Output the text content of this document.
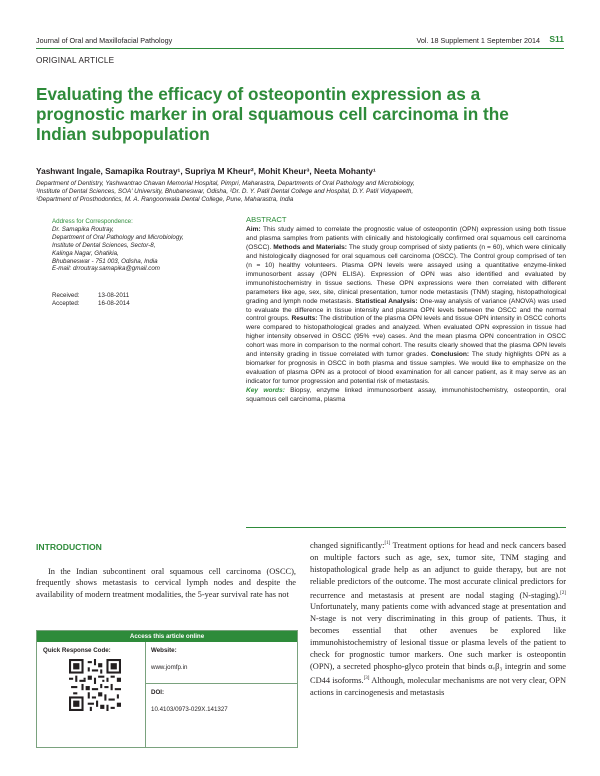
Journal of Oral and Maxillofacial Pathology	Vol. 18 Supplement 1 September 2014 S11
ORIGINAL ARTICLE
Evaluating the efficacy of osteopontin expression as a prognostic marker in oral squamous cell carcinoma in the Indian subpopulation
Yashwant Ingale, Samapika Routray¹, Supriya M Kheur², Mohit Kheur³, Neeta Mohanty¹
Department of Dentistry, Yashwantrao Chavan Memorial Hospital, Pimpri, Maharastra, Departments of Oral Pathology and Microbiology,
¹Institute of Dental Sciences, SOA' University, Bhubaneswar, Odisha, ²Dr. D. Y. Patil Dental College and Hospital, D.Y. Patil Vidyapeeth,
³Department of Prosthodontics, M. A. Rangoonwala Dental College, Pune, Maharastra, India
Address for Correspondence:
Dr. Samapika Routray,
Department of Oral Pathology and Microbiology,
Institute of Dental Sciences, Sector-8,
Kalinga Nagar, Ghatikia,
Bhubaneswar - 751 003, Odisha, India
E-mail: drroutray.samapika@gmail.com
Received:	13-08-2011
Accepted:	16-08-2014
ABSTRACT

Aim: This study aimed to correlate the prognostic value of osteopontin (OPN) expression using both tissue and plasma samples from patients with clinically and histologically confirmed oral squamous cell carcinoma (OSCC). Methods and Materials: The study group comprised of sixty patients (n = 60), which were clinically and histologically diagnosed for oral squamous cell carcinoma (OSCC). The Control group comprised of ten (n = 10) healthy volunteers. Plasma OPN levels were assayed using a quantitative enzyme-linked immunosorbent assay (OPN ELISA). Expression of OPN was also identified and evaluated by immunohistochemistry in tissue sections. These OPN expressions were then correlated with different parameters like age, sex, site, clinical presentation, tumor node metastasis (TNM) staging, histopathological grading and lymph node metastasis. Statistical Analysis: One-way analysis of variance (ANOVA) was used to evaluate the difference in tissue intensity and plasma OPN levels between the OSCC and the normal control groups. Results: The distribution of the plasma OPN levels and tissue OPN intensity in OSCC cohorts were compared to histopathological grades and analyzed. When evaluated OPN expression in tissue had higher intensity observed in OSCC (95% +ve) cases. And the mean plasma OPN concentration in OSCC cohort was more in comparison to the normal cohort. The results clearly showed that the plasma OPN levels and intensity grading in tissue correlated with tumor grades. Conclusion: The study highlights OPN as a biomarker for prognosis in OSCC in both plasma and tissue samples. We would like to emphasize on the evaluation of plasma OPN as a protocol of blood examination for all cancer patient, as it may serve as an indicator for tumor progression and potential risk of metastasis.

Key words: Biopsy, enzyme linked immunosorbent assay, immunohistochemistry, osteopontin, oral squamous cell carcinoma, plasma

INTRODUCTION
In the Indian subcontinent oral squamous cell carcinoma (OSCC), frequently shows metastasis to cervical lymph nodes and despite the availability of modern treatment modalities, the 5-year survival rate has not
changed significantly:[1] Treatment options for head and neck cancers based on multiple factors such as age, sex, tumor site, TNM staging and histopathological grade help as an adjunct to guide therapy, but are not reliable predictors of the outcome. The most accurate clinical predictors for recurrence and metastasis at present are nodal staging (N-staging).[2] Unfortunately, many patients come with advanced stage at presentation and N-stage is not very discriminating in this group of patients. Thus, it becomes essential that other avenues be explored like immunohistochemistry of lesional tissue or plasma levels of the patient to check for prognostic tumor markers. One such marker is osteopontin (OPN), a secreted phospho-glyco protein that binds αᵥβ₃ integrin and some CD44 isoforms.[3] Although, molecular mechanisms are not very clear, OPN actions in carcinogenesis and metastasis
Access this article online
Quick Response Code:	Website:
www.jomfp.in
DOI:
10.4103/0973-029X.141327
